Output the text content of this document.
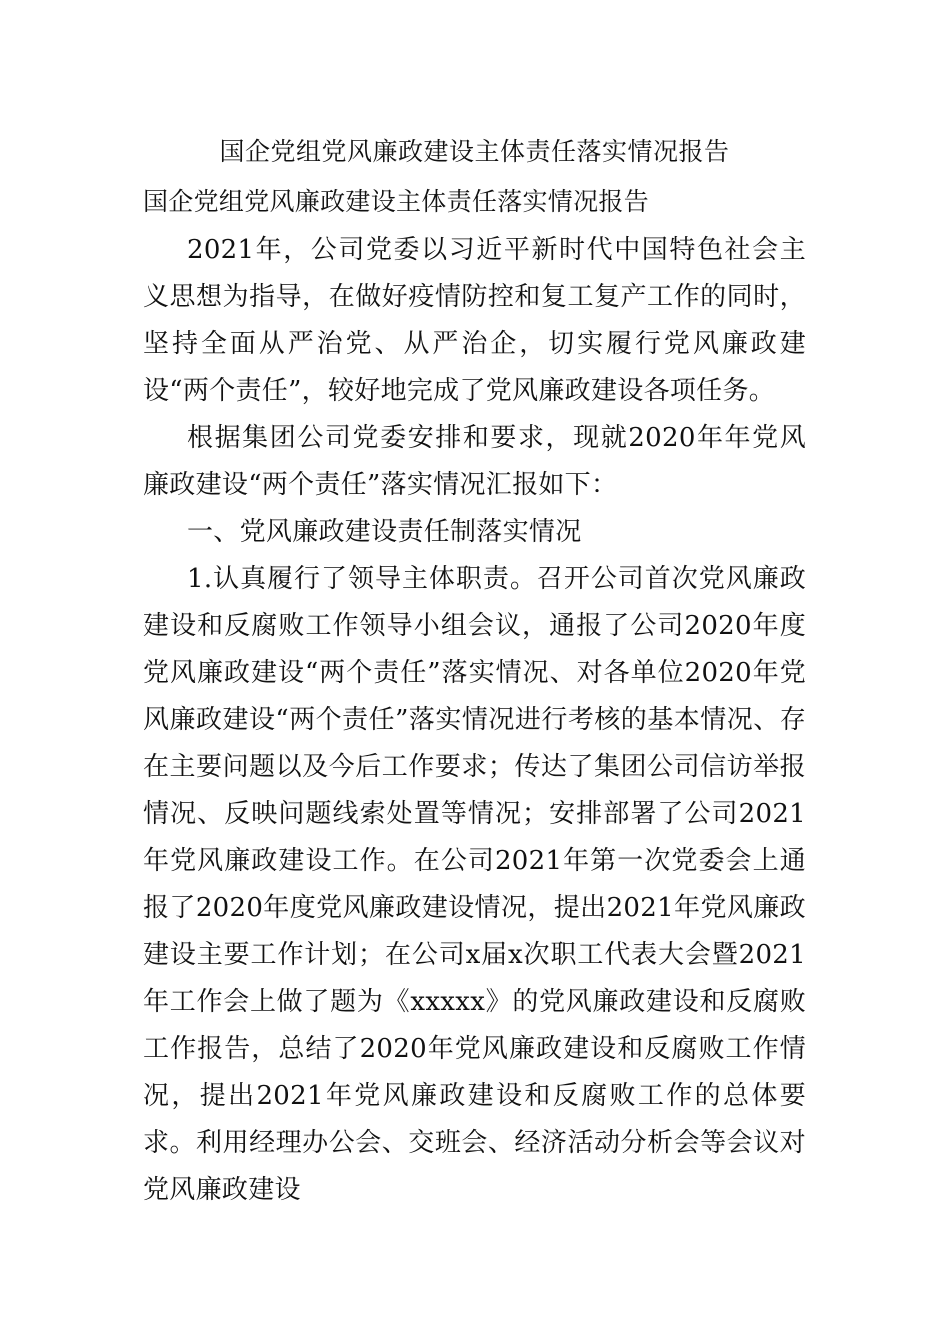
国企党组党风廉政建设主体责任落实情况报告

国企党组党风廉政建设主体责任落实情况报告

2021年，公司党委以习近平新时代中国特色社会主义思想为指导，在做好疫情防控和复工复产工作的同时，坚持全面从严治党、从严治企，切实履行党风廉政建设“两个责任”，较好地完成了党风廉政建设各项任务。

根据集团公司党委安排和要求，现就2020年年党风廉政建设“两个责任”落实情况汇报如下：

一、党风廉政建设责任制落实情况

1.认真履行了领导主体职责。召开公司首次党风廉政建设和反腐败工作领导小组会议，通报了公司2020年度党风廉政建设“两个责任”落实情况、对各单位2020年党风廉政建设“两个责任”落实情况进行考核的基本情况、存在主要问题以及今后工作要求；传达了集团公司信访举报情况、反映问题线索处置等情况；安排部署了公司2021年党风廉政建设工作。在公司2021年第一次党委会上通报了2020年度党风廉政建设情况，提出2021年党风廉政建设主要工作计划；在公司x届x次职工代表大会暨2021年工作会上做了题为《xxxxx》的党风廉政建设和反腐败工作报告，总结了2020年党风廉政建设和反腐败工作情况，提出2021年党风廉政建设和反腐败工作的总体要求。利用经理办公会、交班会、经济活动分析会等会议对党风廉政建设
